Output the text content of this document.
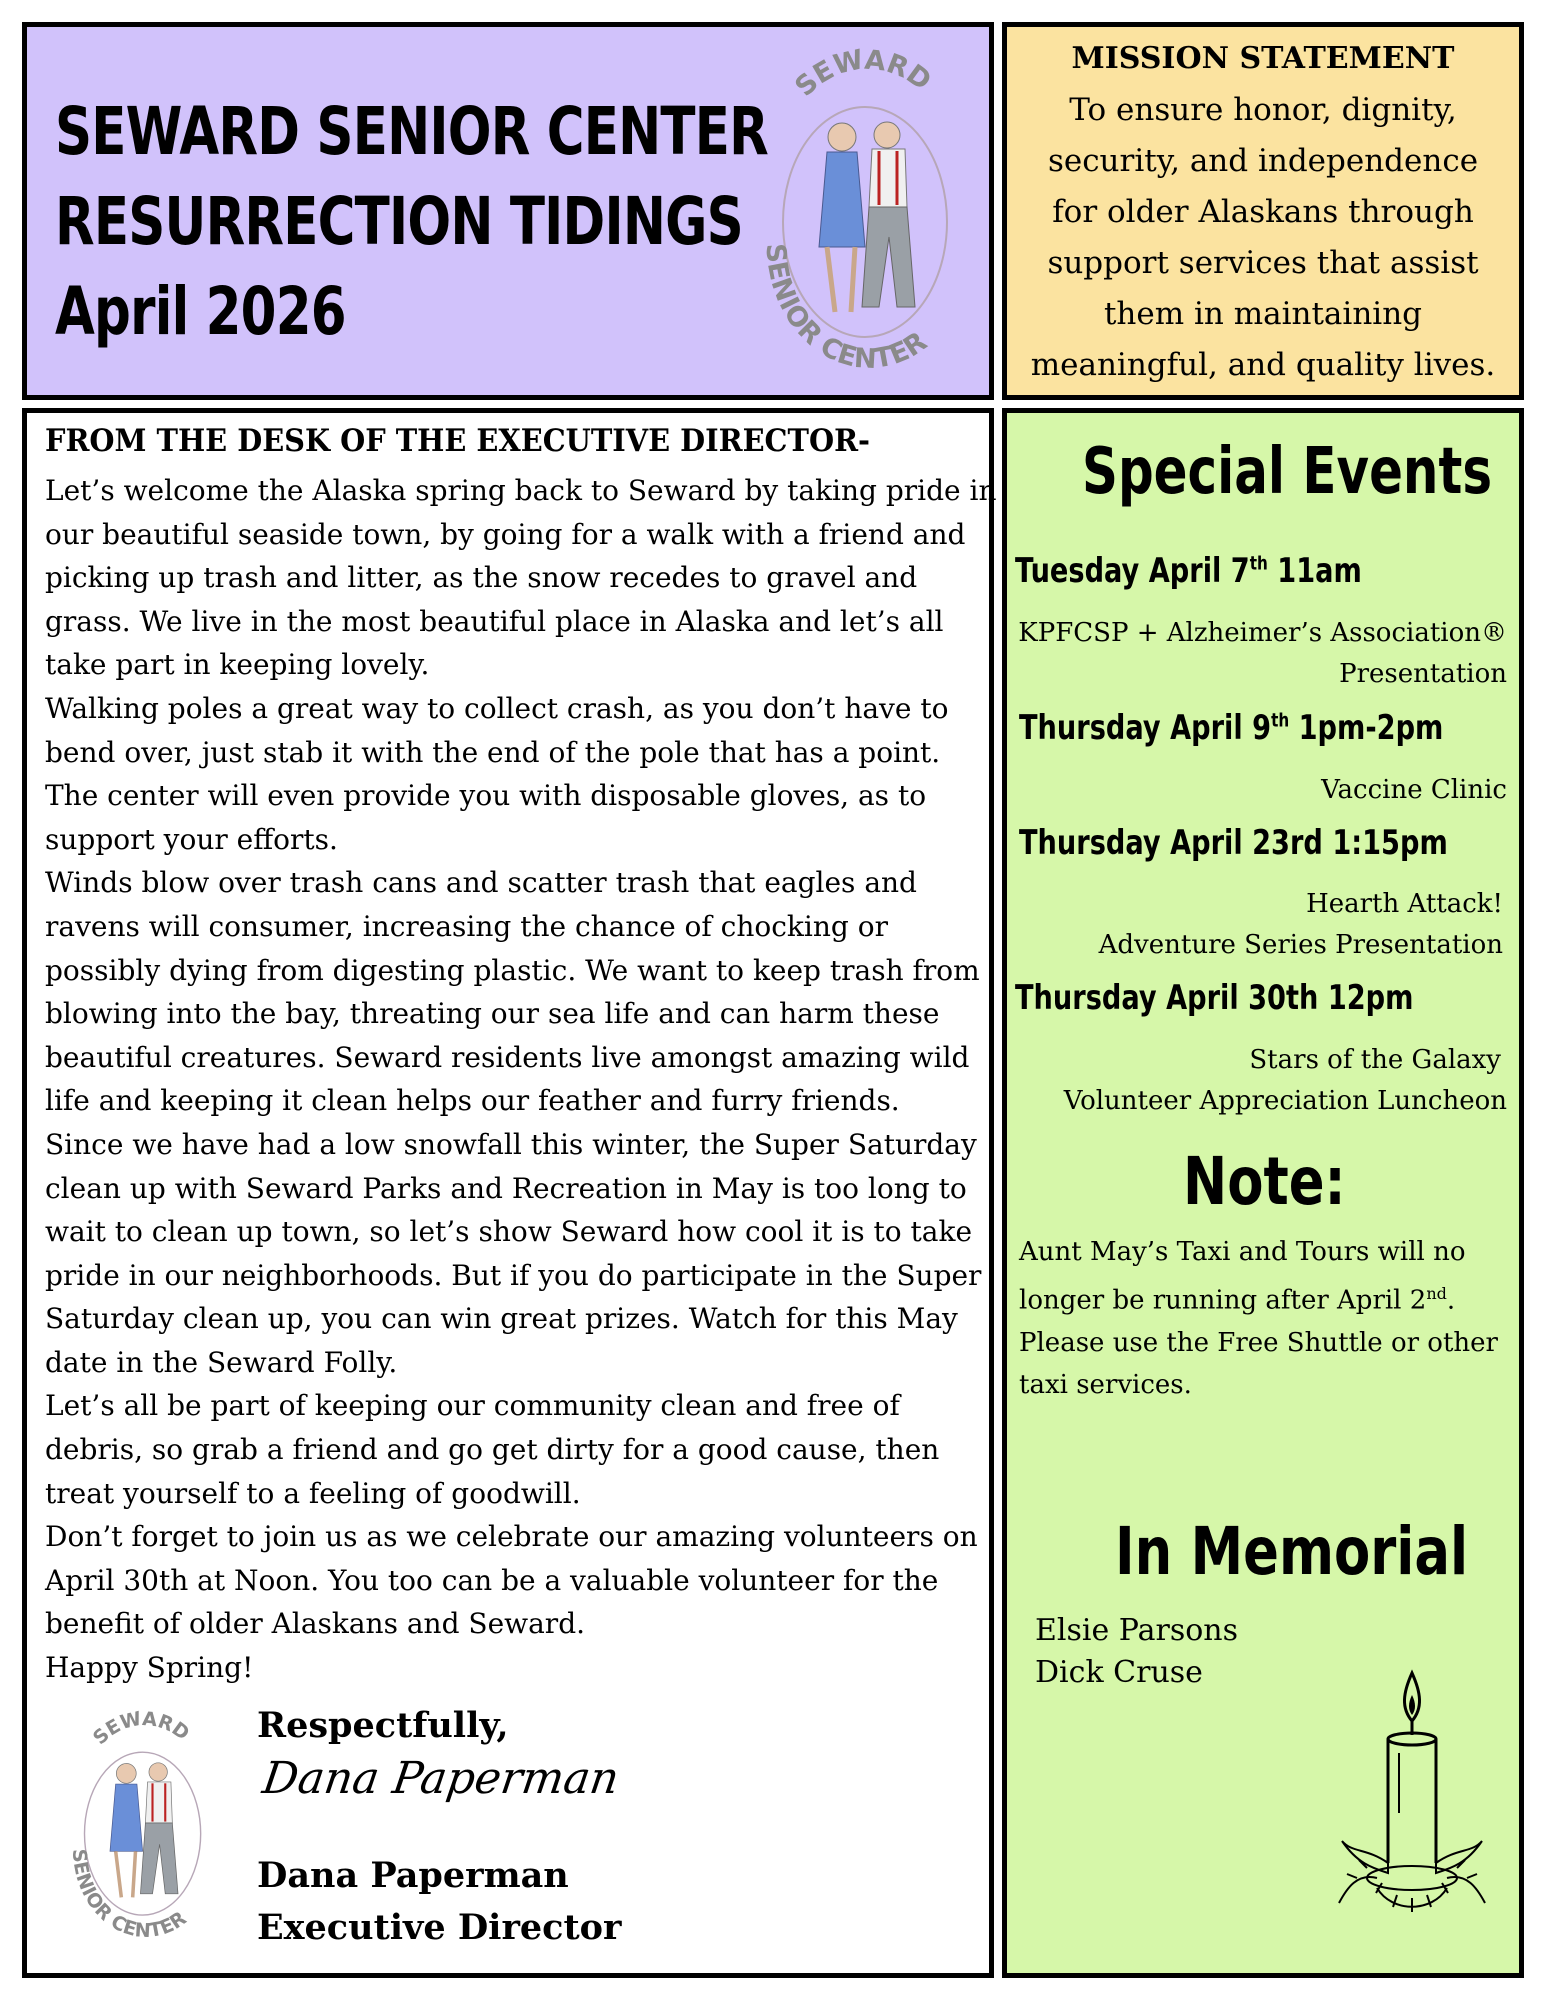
SEWARD SENIOR CENTER
RESURRECTION TIDINGS
April 2026
SEWARD
SENIOR CENTER
MISSION STATEMENT
To ensure honor, dignity,
security, and independence
for older Alaskans through
support services that assist
them in maintaining
meaningful, and quality lives.
FROM THE DESK OF THE EXECUTIVE DIRECTOR-

Let’s welcome the Alaska spring back to Seward by taking pride in

our beautiful seaside town, by going for a walk with a friend and

picking up trash and litter, as the snow recedes to gravel and

grass. We live in the most beautiful place in Alaska and let’s all

take part in keeping lovely.

Walking poles a great way to collect crash, as you don’t have to

bend over, just stab it with the end of the pole that has a point.

The center will even provide you with disposable gloves, as to

support your efforts.

Winds blow over trash cans and scatter trash that eagles and

ravens will consumer, increasing the chance of chocking or

possibly dying from digesting plastic. We want to keep trash from

blowing into the bay, threating our sea life and can harm these

beautiful creatures. Seward residents live amongst amazing wild

life and keeping it clean helps our feather and furry friends.

Since we have had a low snowfall this winter, the Super Saturday

clean up with Seward Parks and Recreation in May is too long to

wait to clean up town, so let’s show Seward how cool it is to take

pride in our neighborhoods. But if you do participate in the Super

Saturday clean up, you can win great prizes. Watch for this May

date in the Seward Folly.

Let’s all be part of keeping our community clean and free of

debris, so grab a friend and go get dirty for a good cause, then

treat yourself to a feeling of goodwill.

Don’t forget to join us as we celebrate our amazing volunteers on

April 30th at Noon. You too can be a valuable volunteer for the

benefit of older Alaskans and Seward.

Happy Spring!

SEWARD
SENIOR CENTER
Respectfully,
Dana Paperman
Dana Paperman
Executive Director
Special Events
Tuesday April 7th 11am
KPFCSP + Alzheimer’s Association®
Presentation
Thursday April 9th 1pm-2pm
Vaccine Clinic
Thursday April 23rd 1:15pm
Hearth Attack!
Adventure Series Presentation
Thursday April 30th 12pm
Stars of the Galaxy
Volunteer Appreciation Luncheon
Note:
Aunt May’s Taxi and Tours will no
longer be running after April 2nd.
Please use the Free Shuttle or other
taxi services.
In Memorial
Elsie Parsons
Dick Cruse
